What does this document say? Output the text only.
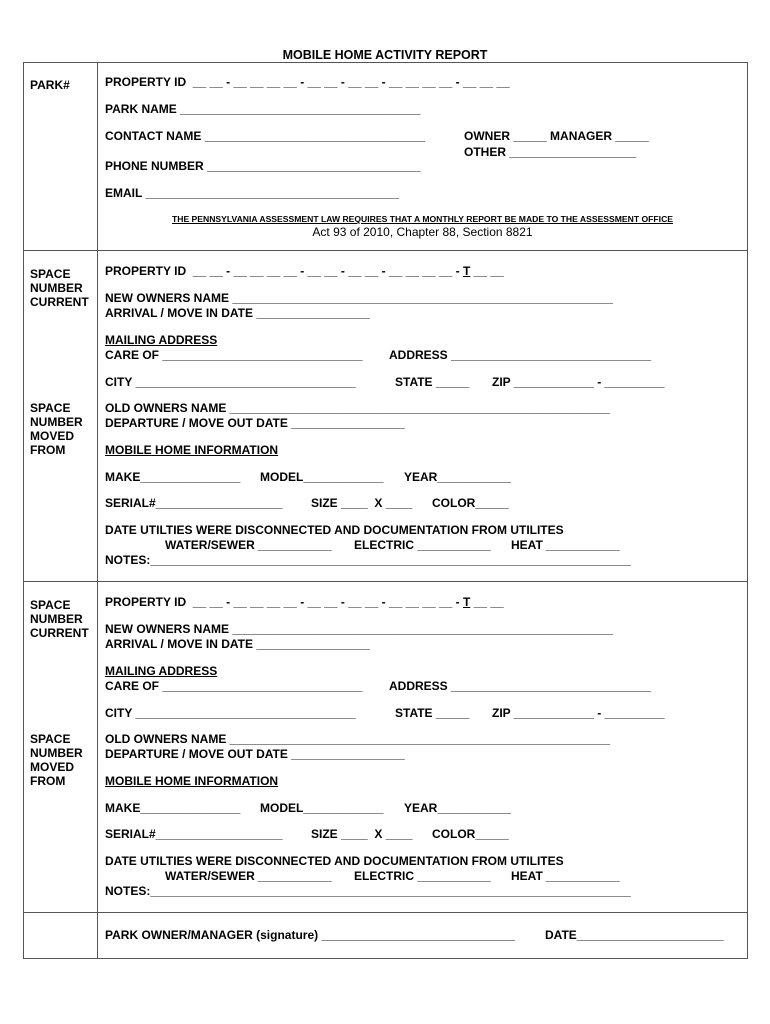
MOBILE HOME ACTIVITY REPORT
PARK#	PROPERTY ID  __ __ - __ __ __ __ - __ __ - __ __ - __ __ __ __ - __ __ __
PARK NAME ____________________________________
CONTACT NAME _________________________________	OWNER _____ MANAGER _____
OTHER ___________________
PHONE NUMBER ________________________________
EMAIL ______________________________________
THE PENNSYLVANIA ASSESSMENT LAW REQUIRES THAT A MONTHLY REPORT BE MADE TO THE ASSESSMENT OFFICE
Act 93 of 2010, Chapter 88, Section 8821
SPACE
NUMBER
CURRENT
PROPERTY ID  __ __ - __ __ __ __ - __ __ - __ __ - __ __ __ __ - T __ __
NEW OWNERS NAME _________________________________________________________
ARRIVAL / MOVE IN DATE _________________
MAILING ADDRESS
CARE OF ______________________________ ADDRESS ______________________________
CITY _________________________________	STATE _____ ZIP ____________ - _________
SPACE
NUMBER
MOVED
FROM
OLD OWNERS NAME _________________________________________________________
DEPARTURE / MOVE OUT DATE _________________
MOBILE HOME INFORMATION
MAKE_______________ MODEL____________ YEAR___________
SERIAL#___________________ SIZE ____  X ____ COLOR_____
DATE UTILTIES WERE DISCONNECTED AND DOCUMENTATION FROM UTILITES
WATER/SEWER ___________ ELECTRIC ___________ HEAT ___________
NOTES:________________________________________________________________________
SPACE
NUMBER
CURRENT
PROPERTY ID  __ __ - __ __ __ __ - __ __ - __ __ - __ __ __ __ - T __ __
NEW OWNERS NAME _________________________________________________________
ARRIVAL / MOVE IN DATE _________________
MAILING ADDRESS
CARE OF ______________________________ ADDRESS ______________________________
CITY _________________________________	STATE _____ ZIP ____________ - _________
SPACE
NUMBER
MOVED
FROM
OLD OWNERS NAME _________________________________________________________
DEPARTURE / MOVE OUT DATE _________________
MOBILE HOME INFORMATION
MAKE_______________ MODEL____________ YEAR___________
SERIAL#___________________ SIZE ____  X ____ COLOR_____
DATE UTILTIES WERE DISCONNECTED AND DOCUMENTATION FROM UTILITES
WATER/SEWER ___________ ELECTRIC ___________ HEAT ___________
NOTES:________________________________________________________________________
PARK OWNER/MANAGER (signature) _____________________________	DATE______________________
